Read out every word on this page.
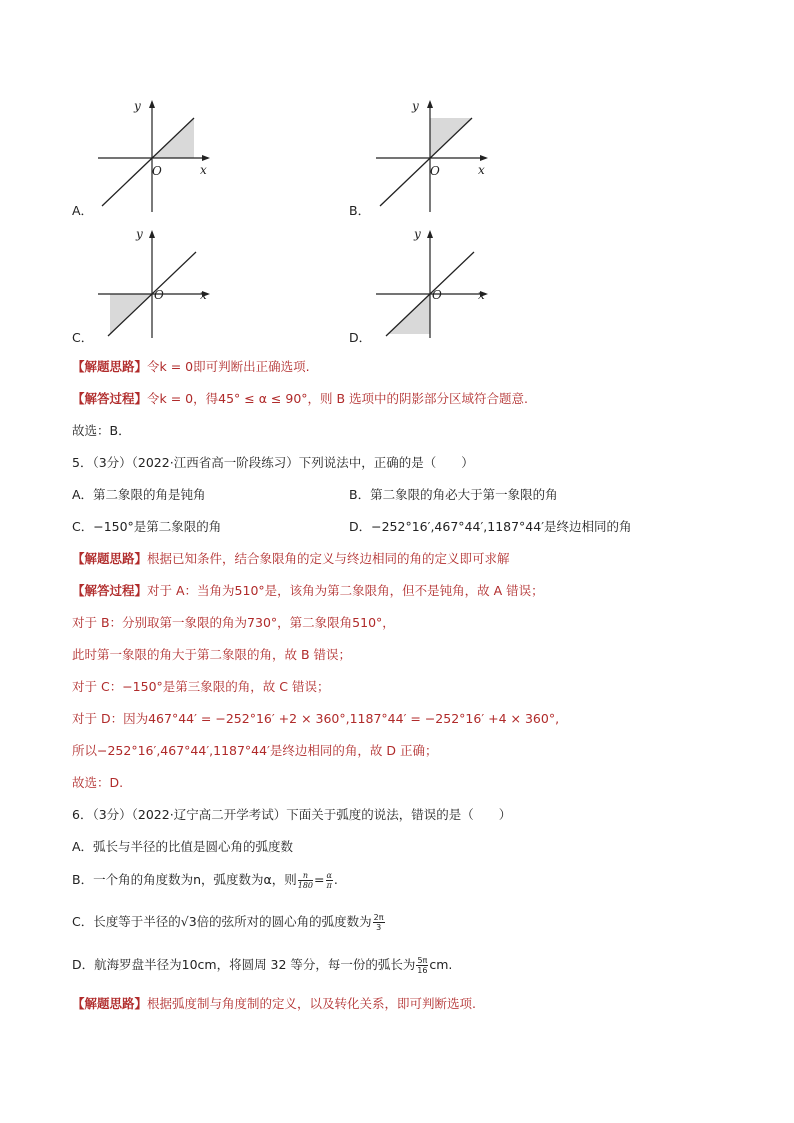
x
y
O
A．
x
y
O
B．
x
y
O
C．
x
y
O
D．
【解题思路】令k = 0即可判断出正确选项.
【解答过程】令k = 0，得45° ≤ α ≤ 90°，则 B 选项中的阴影部分区域符合题意.
故选：B．
5．（3分）（2022·江西省高一阶段练习）下列说法中，正确的是（　　）
A．第二象限的角是钝角	B．第二象限的角必大于第一象限的角
C．−150°是第二象限的角	D．−252°16′,467°44′,1187°44′是终边相同的角
【解题思路】根据已知条件，结合象限角的定义与终边相同的角的定义即可求解
【解答过程】对于 A：当角为510°是，该角为第二象限角，但不是钝角，故 A 错误；
对于 B：分别取第一象限的角为730°，第二象限角510°，
此时第一象限的角大于第二象限的角，故 B 错误；
对于 C：−150°是第三象限的角，故 C 错误；
对于 D：因为467°44′ = −252°16′ +2 × 360°,1187°44′ = −252°16′ +4 × 360°,
所以−252°16′,467°44′,1187°44′是终边相同的角，故 D 正确；
故选：D.
6．（3分）（2022·辽宁高二开学考试）下面关于弧度的说法，错误的是（　　）
A．弧长与半径的比值是圆心角的弧度数
B．一个角的角度数为n，弧度数为α，则 $\frac{n}{180} = \frac{\alpha}{\pi}$ .
C．长度等于半径的√3倍的弦所对的圆心角的弧度数为 $\frac{2\pi}{3}$
D．航海罗盘半径为10cm，将圆周 32 等分，每一份的弧长为 $\frac{5\pi}{16}$ cm.
【解题思路】根据弧度制与角度制的定义，以及转化关系，即可判断选项.
